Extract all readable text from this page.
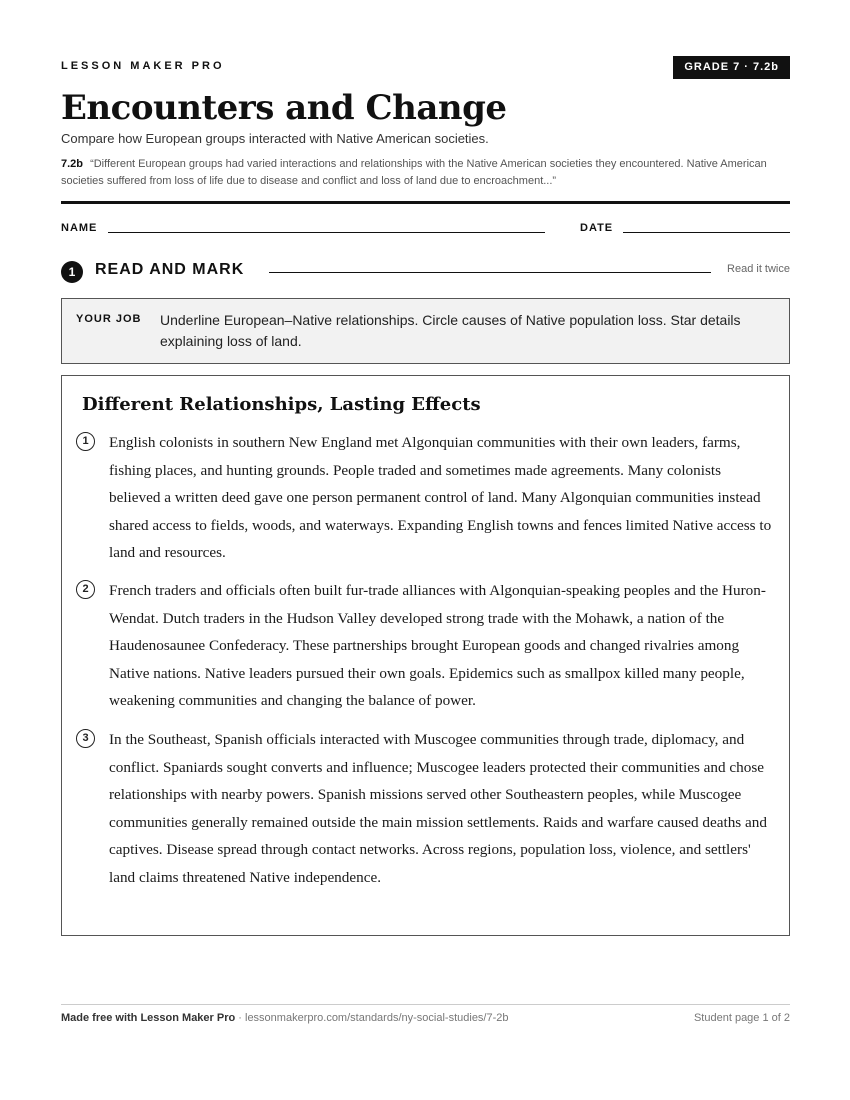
LESSON MAKER PRO	GRADE 7 · 7.2b
Encounters and Change
Compare how European groups interacted with Native American societies.
7.2b “Different European groups had varied interactions and relationships with the Native American societies they encountered. Native American societies suffered from loss of life due to disease and conflict and loss of land due to encroachment...”
NAME	DATE
1	READ AND MARK	Read it twice
YOUR JOB Underline European–Native relationships. Circle causes of Native population loss. Star details explaining loss of land.
Different Relationships, Lasting Effects
1	English colonists in southern New England met Algonquian communities with their own leaders, farms, fishing places, and hunting grounds. People traded and sometimes made agreements. Many colonists believed a written deed gave one person permanent control of land. Many Algonquian communities instead shared access to fields, woods, and waterways. Expanding English towns and fences limited Native access to land and resources.
2	French traders and officials often built fur-trade alliances with Algonquian-speaking peoples and the Huron-Wendat. Dutch traders in the Hudson Valley developed strong trade with the Mohawk, a nation of the Haudenosaunee Confederacy. These partnerships brought European goods and changed rivalries among Native nations. Native leaders pursued their own goals. Epidemics such as smallpox killed many people, weakening communities and changing the balance of power.
3	In the Southeast, Spanish officials interacted with Muscogee communities through trade, diplomacy, and conflict. Spaniards sought converts and influence; Muscogee leaders protected their communities and chose relationships with nearby powers. Spanish missions served other Southeastern peoples, while Muscogee communities generally remained outside the main mission settlements. Raids and warfare caused deaths and captives. Disease spread through contact networks. Across regions, population loss, violence, and settlers' land claims threatened Native independence.
Made free with Lesson Maker Pro · lessonmakerpro.com/standards/ny-social-studies/7-2b	Student page 1 of 2
